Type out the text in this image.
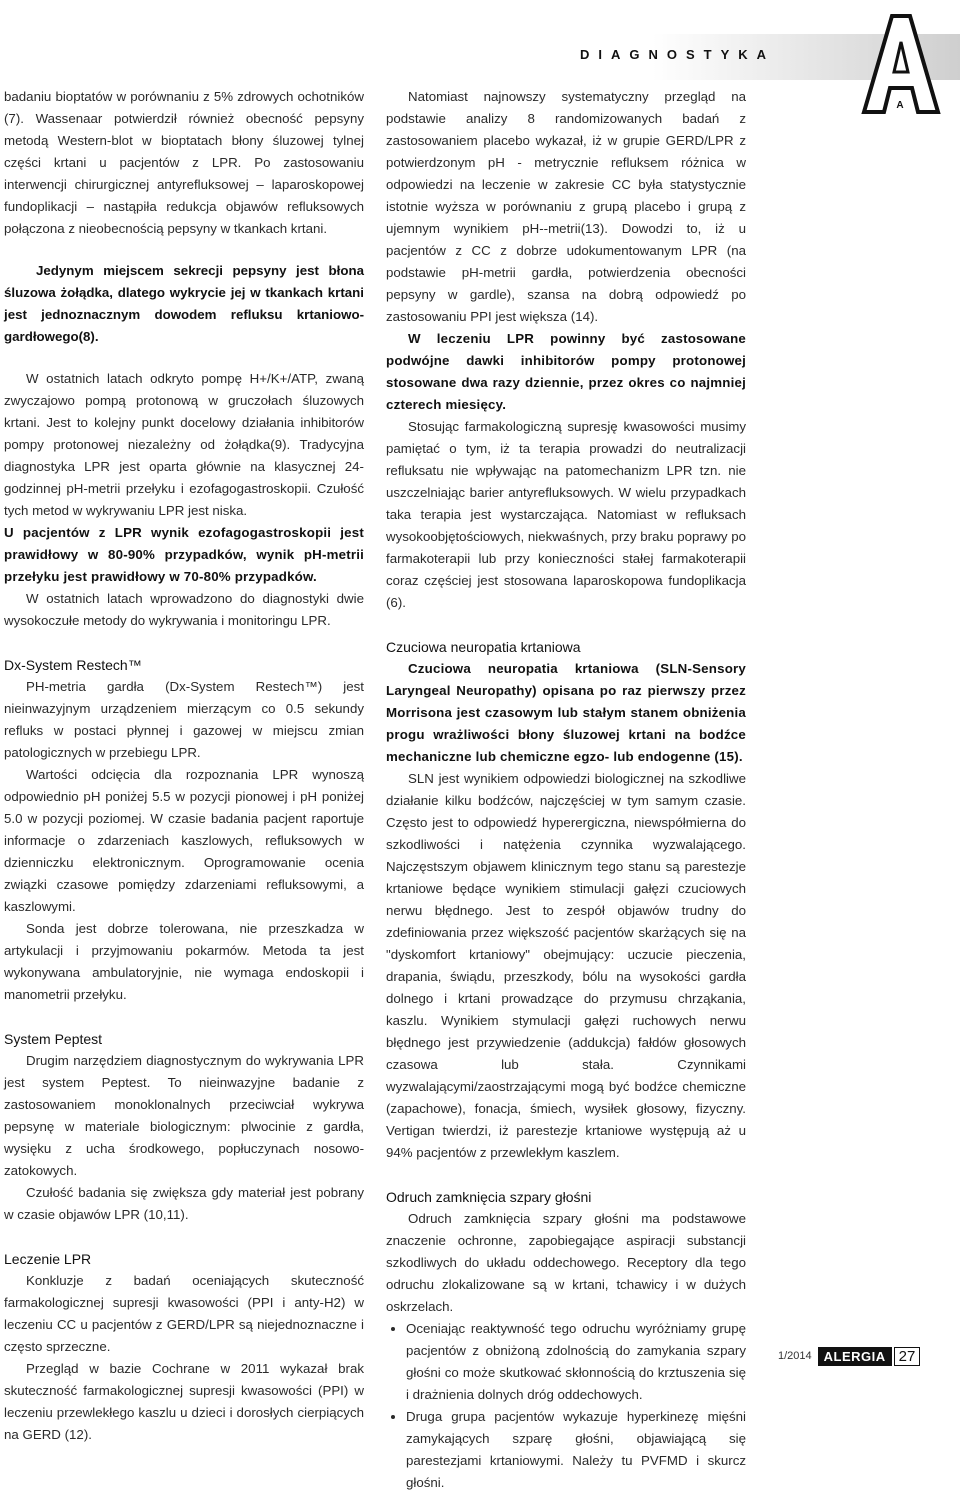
DIAGNOSTYKA
A

badaniu bioptatów w porównaniu z 5% zdrowych ochotników (7). Wassenaar potwierdził również obecność pepsyny metodą Western-blot w bioptatach błony śluzowej tylnej części krtani u pacjentów z LPR. Po zastosowaniu interwencji chirurgicznej antyrefluksowej – laparoskopowej fundoplikacji – nastąpiła redukcja objawów refluksowych połączona z nieobecnością pepsyny w tkankach krtani.

Jedynym miejscem sekrecji pepsyny jest błona śluzowa żołądka, dlatego wykrycie jej w tkankach krtani jest jednoznacznym dowodem refluksu krtaniowo-gardłowego(8).

W ostatnich latach odkryto pompę H+/K+/ATP, zwaną zwyczajowo pompą protonową w gruczołach śluzowych krtani. Jest to kolejny punkt docelowy działania inhibitorów pompy protonowej niezależny od żołądka(9). Tradycyjna diagnostyka LPR jest oparta głównie na klasycznej 24-godzinnej pH-metrii przełyku i ezofagogastroskopii. Czułość tych metod w wykrywaniu LPR jest niska.

U pacjentów z LPR wynik ezofagogastroskopii jest prawidłowy w 80-90% przypadków, wynik pH-metrii przełyku jest prawidłowy w 70-80% przypadków.

W ostatnich latach wprowadzono do diagnostyki dwie wysokoczułe metody do wykrywania i monitoringu LPR.

Dx-System Restech™

PH-metria gardła (Dx-System Restech™) jest nieinwazyjnym urządzeniem mierzącym co 0.5 sekundy refluks w postaci płynnej i gazowej w miejscu zmian patologicznych w przebiegu LPR.

Wartości odcięcia dla rozpoznania LPR wynoszą odpowiednio pH poniżej 5.5 w pozycji pionowej i pH poniżej 5.0 w pozycji poziomej. W czasie badania pacjent raportuje informacje o zdarzeniach kaszlowych, refluksowych w dzienniczku elektronicznym. Oprogramowanie ocenia związki czasowe pomiędzy zdarzeniami refluksowymi, a kaszlowymi.

Sonda jest dobrze tolerowana, nie przeszkadza w artykulacji i przyjmowaniu pokarmów. Metoda ta jest wykonywana ambulatoryjnie, nie wymaga endoskopii i manometrii przełyku.

System Peptest

Drugim narzędziem diagnostycznym do wykrywania LPR jest system Peptest. To nieinwazyjne badanie z zastosowaniem monoklonalnych przeciwciał wykrywa pepsynę w materiale biologicznym: plwocinie z gardła, wysięku z ucha środkowego, popłuczynach nosowo-zatokowych.

Czułość badania się zwiększa gdy materiał jest pobrany w czasie objawów LPR (10,11).

Leczenie LPR

Konkluzje z badań oceniających skuteczność farmakologicznej supresji kwasowości (PPI i anty-H2) w leczeniu CC u pacjentów z GERD/LPR są niejednoznaczne i często sprzeczne.

Przegląd w bazie Cochrane w 2011 wykazał brak skuteczność farmakologicznej supresji kwasowości (PPI) w leczeniu przewlekłego kaszlu u dzieci i dorosłych cierpiących na GERD (12).

Natomiast najnowszy systematyczny przegląd na podstawie analizy 8 randomizowanych badań z zastosowaniem placebo wykazał, iż w grupie GERD/LPR z potwierdzonym pH - metrycznie refluksem różnica w odpowiedzi na leczenie w zakresie CC była statystycznie istotnie wyższa w porównaniu z grupą placebo i grupą z ujemnym wynikiem pH--metrii(13). Dowodzi to, iż u pacjentów z CC z dobrze udokumentowanym LPR (na podstawie pH-metrii gardła, potwierdzenia obecności pepsyny w gardle), szansa na dobrą odpowiedź po zastosowaniu PPI jest większa (14).

W leczeniu LPR powinny być zastosowane podwójne dawki inhibitorów pompy protonowej stosowane dwa razy dziennie, przez okres co najmniej czterech miesięcy.

Stosując farmakologiczną supresję kwasowości musimy pamiętać o tym, iż ta terapia prowadzi do neutralizacji refluksatu nie wpływając na patomechanizm LPR tzn. nie uszczelniając barier antyrefluksowych. W wielu przypadkach taka terapia jest wystarczająca. Natomiast w refluksach wysokoobjętościowych, niekwaśnych, przy braku poprawy po farmakoterapii lub przy konieczności stałej farmakoterapii coraz częściej jest stosowana laparoskopowa fundoplikacja (6).

Czuciowa neuropatia krtaniowa

Czuciowa neuropatia krtaniowa (SLN-Sensory Laryngeal Neuropathy) opisana po raz pierwszy przez Morrisona jest czasowym lub stałym stanem obniżenia progu wrażliwości błony śluzowej krtani na bodźce mechaniczne lub chemiczne egzo- lub endogenne (15).

SLN jest wynikiem odpowiedzi biologicznej na szkodliwe działanie kilku bodźców, najczęściej w tym samym czasie. Często jest to odpowiedź hyperergiczna, niewspółmierna do szkodliwości i natężenia czynnika wyzwalającego. Najczęstszym objawem klinicznym tego stanu są parestezje krtaniowe będące wynikiem stimulacji gałęzi czuciowych nerwu błędnego. Jest to zespół objawów trudny do zdefiniowania przez większość pacjentów skarżących się na "dyskomfort krtaniowy" obejmujący: uczucie pieczenia, drapania, świądu, przeszkody, bólu na wysokości gardła dolnego i krtani prowadzące do przymusu chrząkania, kaszlu. Wynikiem stymulacji gałęzi ruchowych nerwu błędnego jest przywiedzenie (addukcja) fałdów głosowych czasowa lub stała. Czynnikami wyzwalającymi/zaostrzającymi mogą być bodźce chemiczne (zapachowe), fonacja, śmiech, wysiłek głosowy, fizyczny. Vertigan twierdzi, iż parestezje krtaniowe występują aż u 94% pacjentów z przewlekłym kaszlem.

Odruch zamknięcia szpary głośni

Odruch zamknięcia szpary głośni ma podstawowe znaczenie ochronne, zapobiegające aspiracji substancji szkodliwych do układu oddechowego. Receptory dla tego odruchu zlokalizowane są w krtani, tchawicy i w dużych oskrzelach.

• Oceniając reaktywność tego odruchu wyróżniamy grupę pacjentów z obniżoną zdolnością do zamykania szpary głośni co może skutkować skłonnością do krztuszenia się i drażnienia dolnych dróg oddechowych.
• Druga grupa pacjentów wykazuje hyperkinezę mięśni zamykających szparę głośni, objawiającą się parestezjami krtaniowymi. Należy tu PVFMD i skurcz głośni.
1/2014 ALERGIA 27
